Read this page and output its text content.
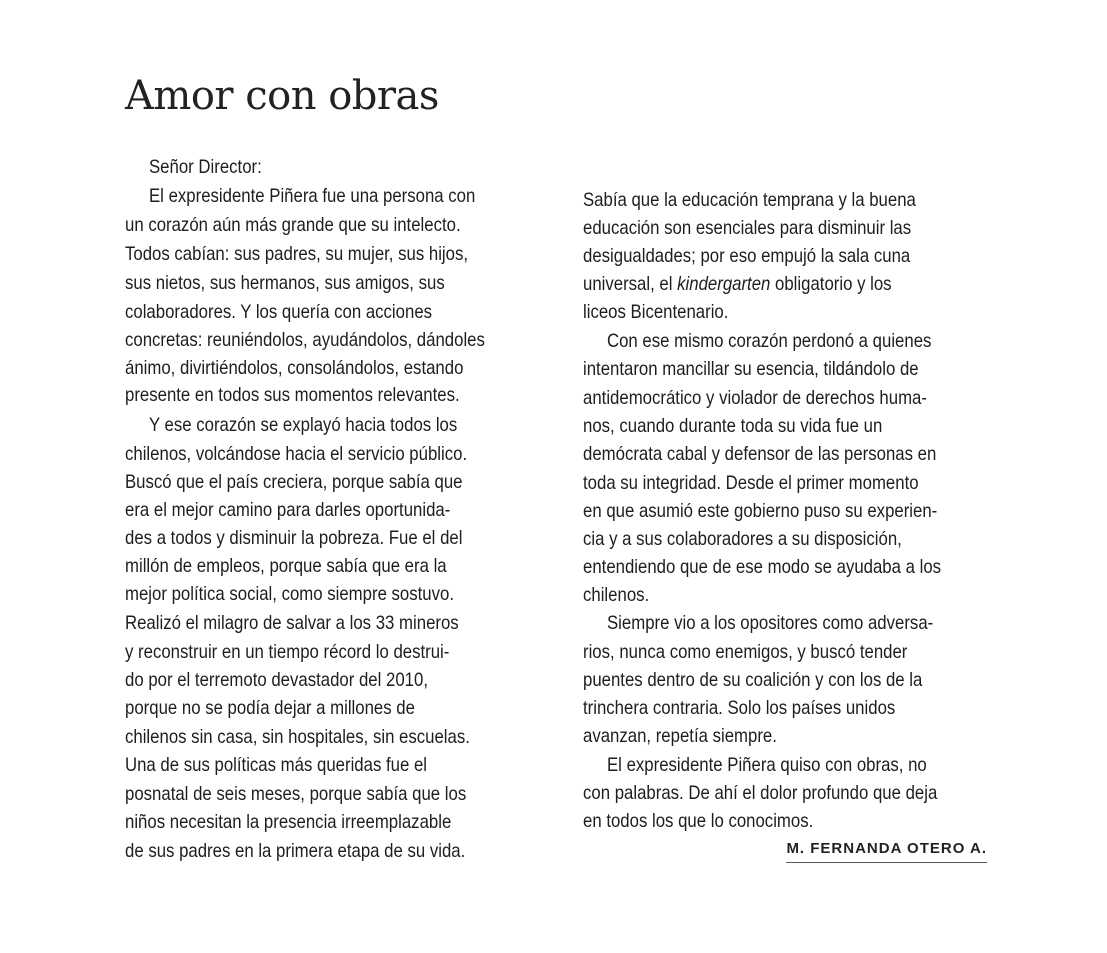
Amor con obras
Señor Director:
El expresidente Piñera fue una persona con
un corazón aún más grande que su intelecto.
Todos cabían: sus padres, su mujer, sus hijos,
sus nietos, sus hermanos, sus amigos, sus
colaboradores. Y los quería con acciones
concretas: reuniéndolos, ayudándolos, dándoles
ánimo, divirtiéndolos, consolándolos, estando
presente en todos sus momentos relevantes.
Y ese corazón se explayó hacia todos los
chilenos, volcándose hacia el servicio público.
Buscó que el país creciera, porque sabía que
era el mejor camino para darles oportunida-
des a todos y disminuir la pobreza. Fue el del
millón de empleos, porque sabía que era la
mejor política social, como siempre sostuvo.
Realizó el milagro de salvar a los 33 mineros
y reconstruir en un tiempo récord lo destrui-
do por el terremoto devastador del 2010,
porque no se podía dejar a millones de
chilenos sin casa, sin hospitales, sin escuelas.
Una de sus políticas más queridas fue el
posnatal de seis meses, porque sabía que los
niños necesitan la presencia irreemplazable
de sus padres en la primera etapa de su vida.
Sabía que la educación temprana y la buena
educación son esenciales para disminuir las
desigualdades; por eso empujó la sala cuna
universal, el kindergarten obligatorio y los
liceos Bicentenario.
Con ese mismo corazón perdonó a quienes
intentaron mancillar su esencia, tildándolo de
antidemocrático y violador de derechos huma-
nos, cuando durante toda su vida fue un
demócrata cabal y defensor de las personas en
toda su integridad. Desde el primer momento
en que asumió este gobierno puso su experien-
cia y a sus colaboradores a su disposición,
entendiendo que de ese modo se ayudaba a los
chilenos.
Siempre vio a los opositores como adversa-
rios, nunca como enemigos, y buscó tender
puentes dentro de su coalición y con los de la
trinchera contraria. Solo los países unidos
avanzan, repetía siempre.
El expresidente Piñera quiso con obras, no
con palabras. De ahí el dolor profundo que deja
en todos los que lo conocimos.
M. FERNANDA OTERO A.
